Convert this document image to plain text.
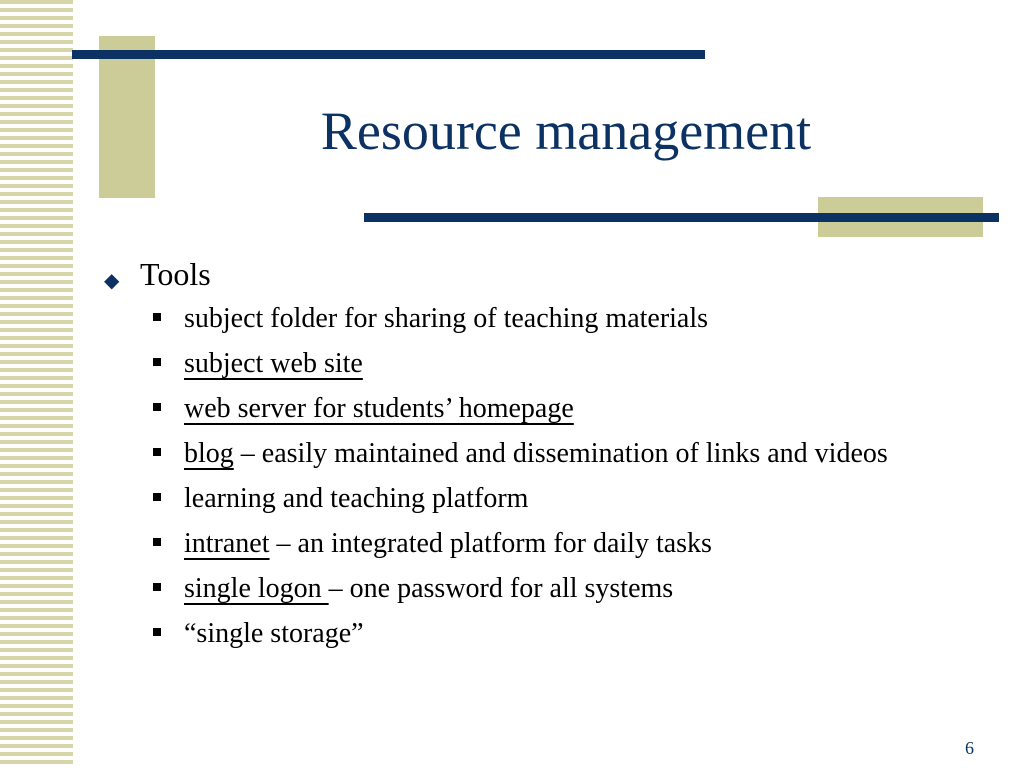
Resource management
◆ Tools
subject folder for sharing of teaching materials
subject web site
web server for students’ homepage
blog – easily maintained and dissemination of links and videos
learning and teaching platform
intranet – an integrated platform for daily tasks
single logon – one password for all systems
“single storage”
6
